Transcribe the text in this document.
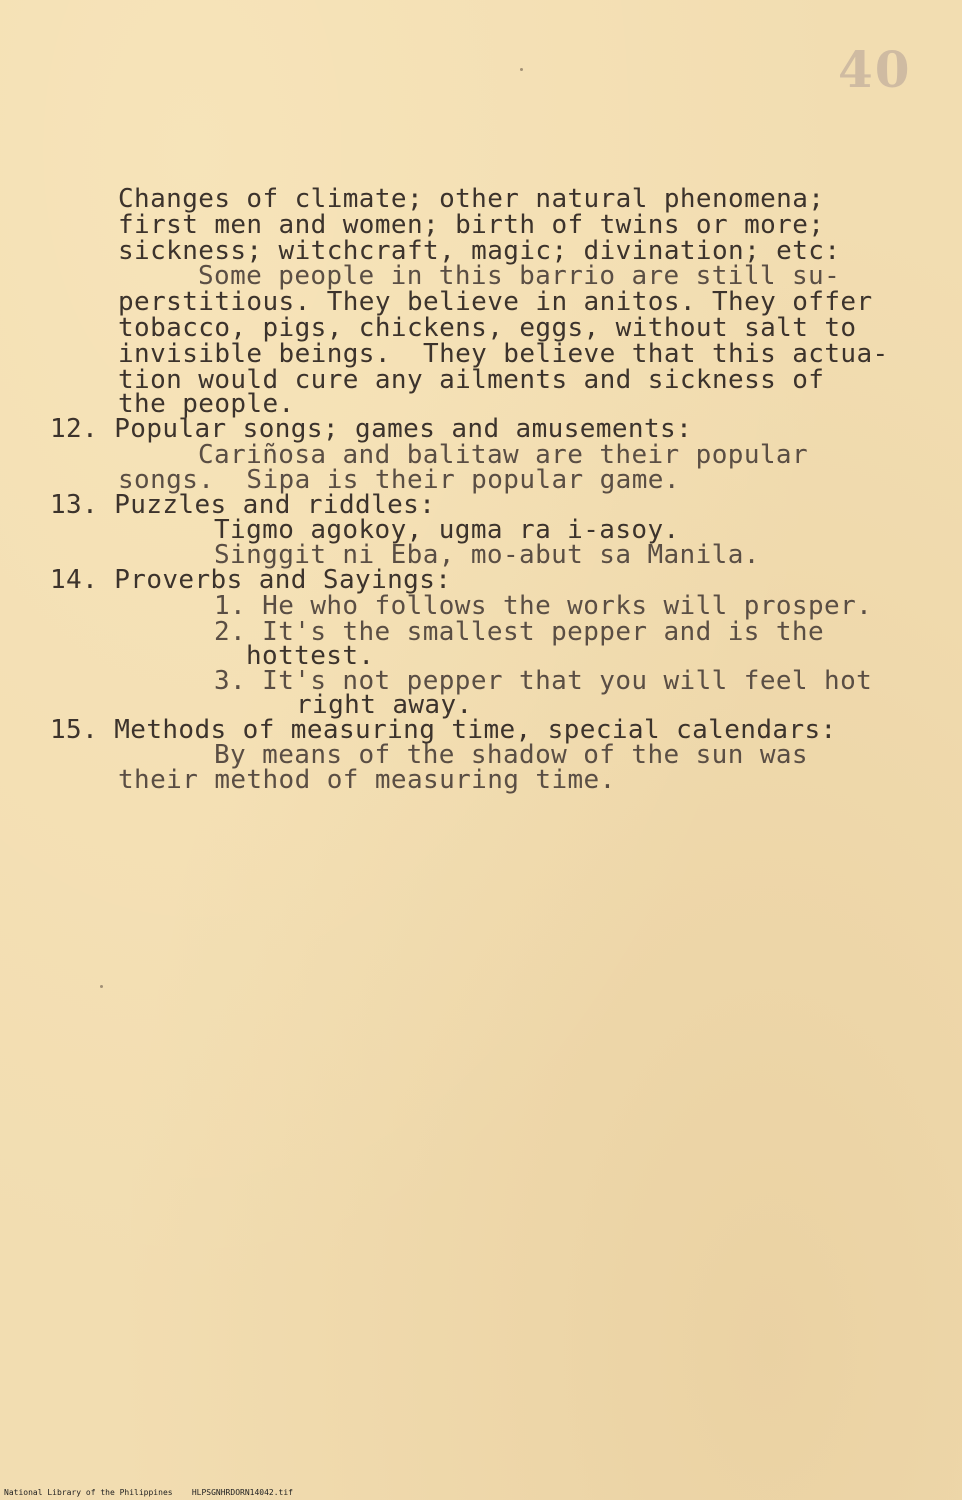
40
Changes of climate; other natural phenomena;
first men and women; birth of twins or more;
sickness; witchcraft, magic; divination; etc:
Some people in this barrio are still su-
perstitious. They believe in anitos. They offer
tobacco, pigs, chickens, eggs, without salt to
invisible beings.  They believe that this actua-
tion would cure any ailments and sickness of
the people.
12. Popular songs; games and amusements:
Cariñosa and balitaw are their popular
songs.  Sipa is their popular game.
13. Puzzles and riddles:
Tigmo agokoy, ugma ra i-asoy.
Singgit ni Eba, mo-abut sa Manila.
14. Proverbs and Sayings:
1. He who follows the works will prosper.
2. It's the smallest pepper and is the
hottest.
3. It's not pepper that you will feel hot
right away.
15. Methods of measuring time, special calendars:
By means of the shadow of the sun was
their method of measuring time.
National Library of the Philippines    HLPSGNHRDORN14042.tif
